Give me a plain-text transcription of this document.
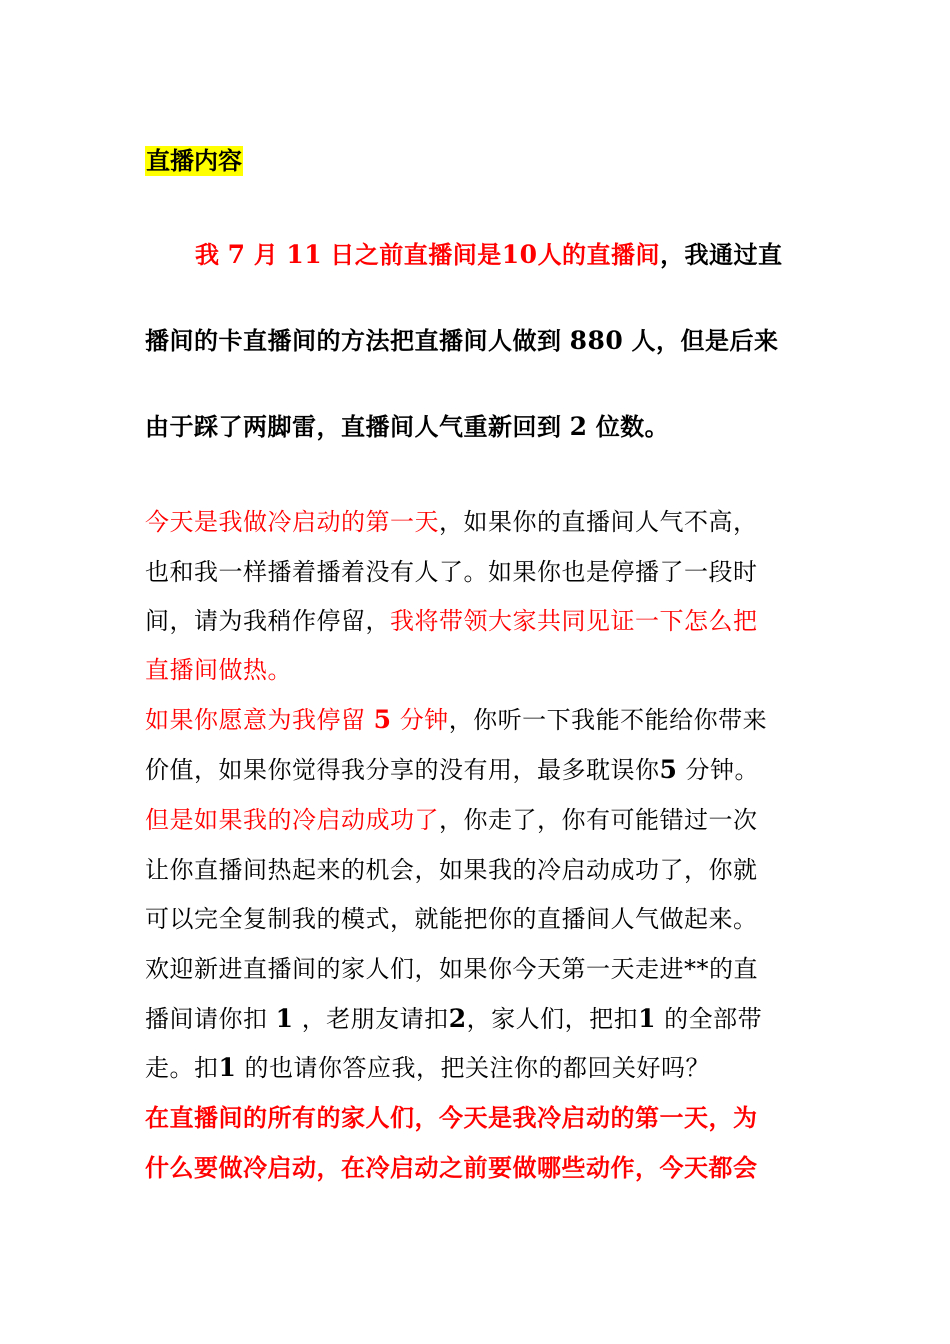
直播内容
我 7 月 11 日之前直播间是10人的直播间，我通过直
播间的卡直播间的方法把直播间人做到 880 人，但是后来
由于踩了两脚雷，直播间人气重新回到 2 位数。
今天是我做冷启动的第一天，如果你的直播间人气不高，
也和我一样播着播着没有人了。如果你也是停播了一段时
间，请为我稍作停留，我将带领大家共同见证一下怎么把
直播间做热。
如果你愿意为我停留 5 分钟，你听一下我能不能给你带来
价值，如果你觉得我分享的没有用，最多耽误你5 分钟。
但是如果我的冷启动成功了，你走了，你有可能错过一次
让你直播间热起来的机会，如果我的冷启动成功了，你就
可以完全复制我的模式，就能把你的直播间人气做起来。
欢迎新进直播间的家人们，如果你今天第一天走进**的直
播间请你扣 1 ，老朋友请扣2，家人们，把扣1 的全部带
走。扣1 的也请你答应我，把关注你的都回关好吗？
在直播间的所有的家人们，今天是我冷启动的第一天，为
什么要做冷启动，在冷启动之前要做哪些动作，今天都会
